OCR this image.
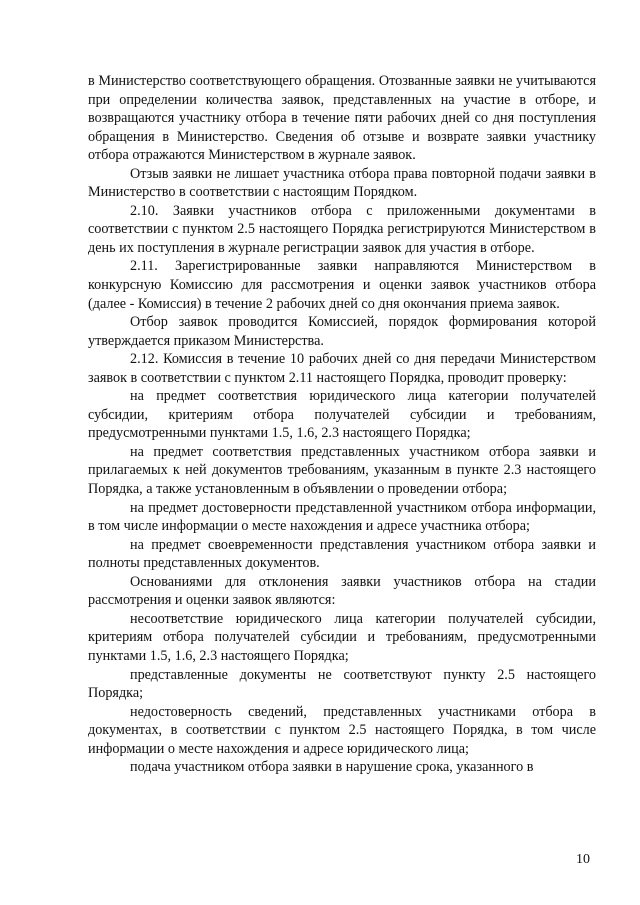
в Министерство соответствующего обращения. Отозванные заявки не учитываются при определении количества заявок, представленных на участие в отборе, и возвращаются участнику отбора в течение пяти рабочих дней со дня поступления обращения в Министерство. Сведения об отзыве и возврате заявки участнику отбора отражаются Министерством в журнале заявок.

Отзыв заявки не лишает участника отбора права повторной подачи заявки в Министерство в соответствии с настоящим Порядком.

2.10. Заявки участников отбора с приложенными документами в соответствии с пунктом 2.5 настоящего Порядка регистрируются Министерством в день их поступления в журнале регистрации заявок для участия в отборе.

2.11. Зарегистрированные заявки направляются Министерством в конкурсную Комиссию для рассмотрения и оценки заявок участников отбора (далее - Комиссия) в течение 2 рабочих дней со дня окончания приема заявок.

Отбор заявок проводится Комиссией, порядок формирования которой утверждается приказом Министерства.

2.12. Комиссия в течение 10 рабочих дней со дня передачи Министерством заявок в соответствии с пунктом 2.11 настоящего Порядка, проводит проверку:

на предмет соответствия юридического лица категории получателей субсидии, критериям отбора получателей субсидии и требованиям, предусмотренными пунктами 1.5, 1.6, 2.3 настоящего Порядка;

на предмет соответствия представленных участником отбора заявки и прилагаемых к ней документов требованиям, указанным в пункте 2.3 настоящего Порядка, а также установленным в объявлении о проведении отбора;

на предмет достоверности представленной участником отбора информации, в том числе информации о месте нахождения и адресе участника отбора;

на предмет своевременности представления участником отбора заявки и полноты представленных документов.

Основаниями для отклонения заявки участников отбора на стадии рассмотрения и оценки заявок являются:

несоответствие юридического лица категории получателей субсидии, критериям отбора получателей субсидии и требованиям, предусмотренными пунктами 1.5, 1.6, 2.3 настоящего Порядка;

представленные документы не соответствуют пункту 2.5 настоящего Порядка;

недостоверность сведений, представленных участниками отбора в документах, в соответствии с пунктом 2.5 настоящего Порядка, в том числе информации о месте нахождения и адресе юридического лица;

подача участником отбора заявки в нарушение срока, указанного в

10
